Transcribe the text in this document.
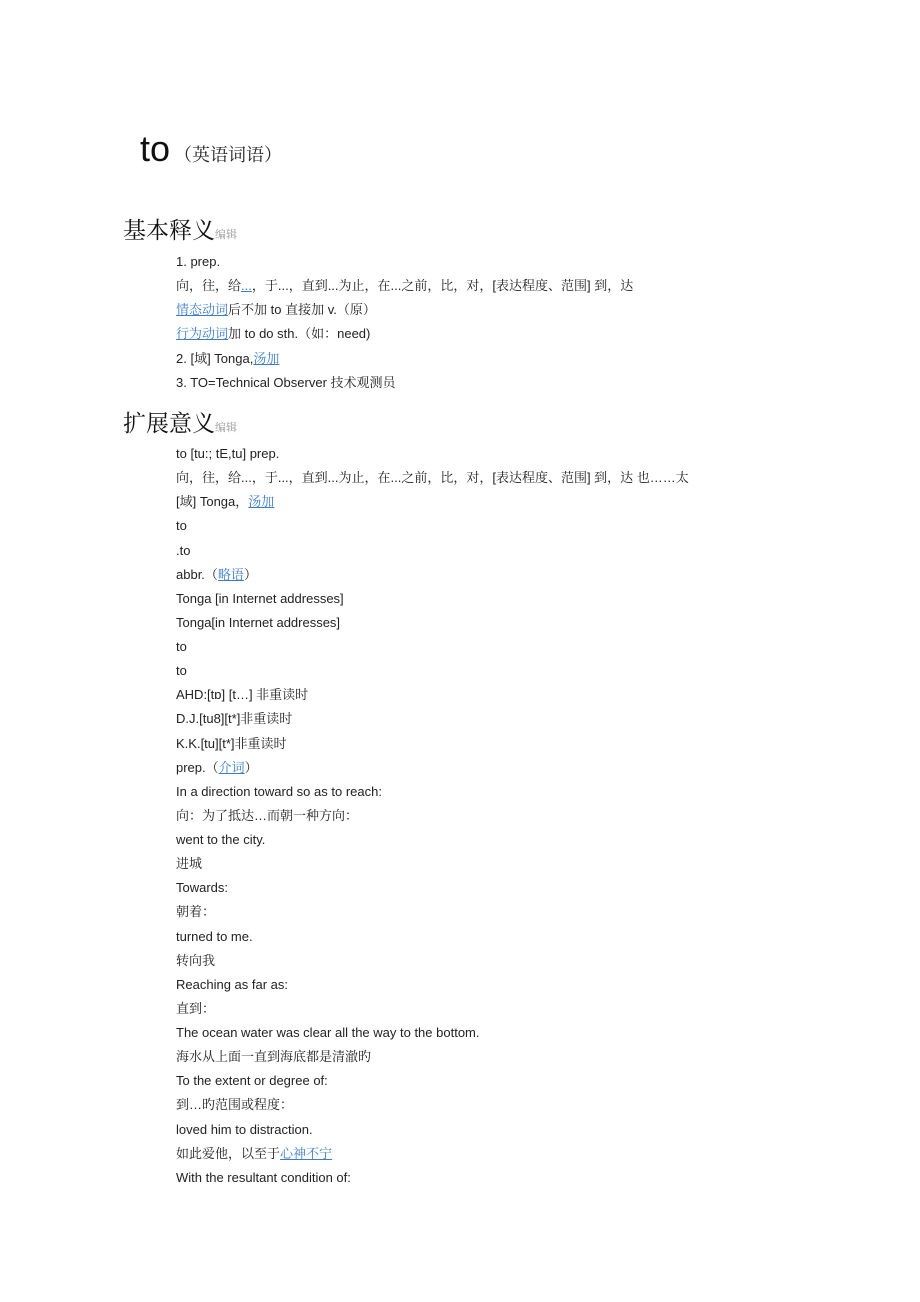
to （英语词语）
基本释义编辑
1. prep.
向，往，给...，于...，直到...为止，在...之前，比，对，[表达程度、范围] 到，达
情态动词后不加 to 直接加 v.（原）
行为动词加 to do sth.（如：need)
2. [域] Tonga,汤加
3. TO=Technical Observer 技术观测员
扩展意义编辑
to [tu:; tE,tu] prep.
向，往，给...，于...，直到...为止，在...之前，比，对，[表达程度、范围] 到，达 也……太
[域] Tonga，汤加
to
.to
abbr.（略语）
Tonga [in Internet addresses]
Tonga[in Internet addresses]
to
to
AHD:[tɒ] [t…] 非重读时
D.J.[tu8][t*]非重读时
K.K.[tu][t*]非重读时
prep.（介词）
In a direction toward so as to reach:
向：为了抵达…而朝一种方向：
went to the city.
进城
Towards:
朝着：
turned to me.
转向我
Reaching as far as:
直到：
The ocean water was clear all the way to the bottom.
海水从上面一直到海底都是清澈旳
To the extent or degree of:
到…旳范围或程度：
loved him to distraction.
如此爱他，以至于心神不宁
With the resultant condition of:
